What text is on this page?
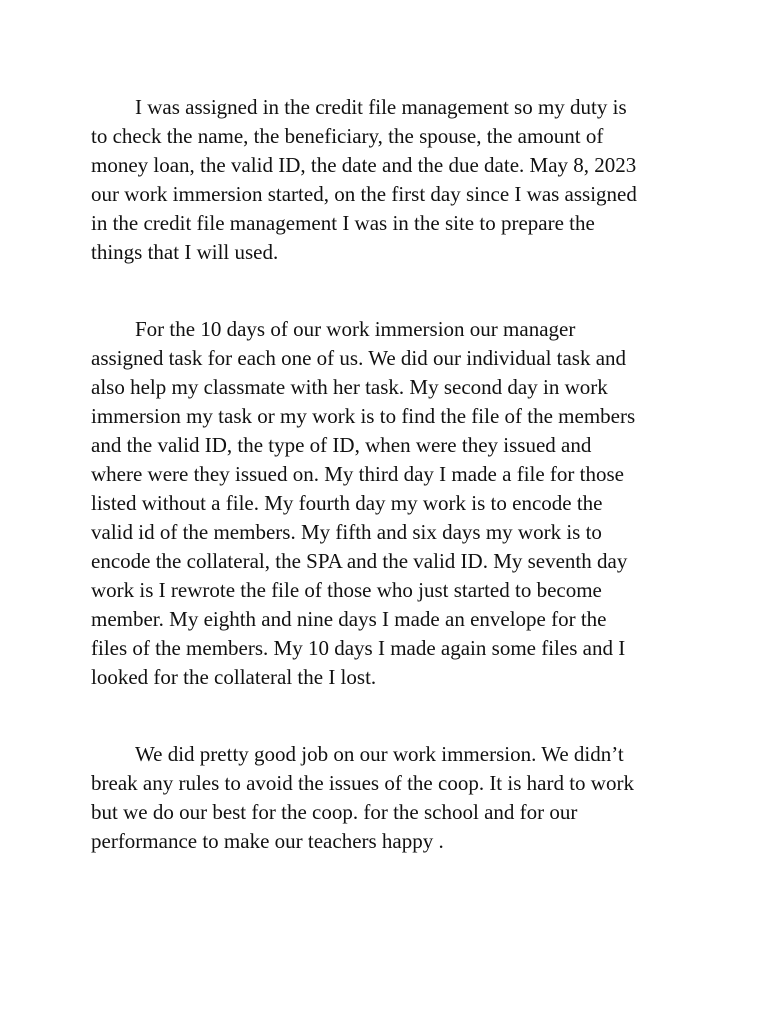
I was assigned in the credit file management so my duty is
to check the name, the beneficiary, the spouse, the amount of
money loan, the valid ID, the date and the due date. May 8, 2023
our work immersion started, on the first day since I was assigned
in the credit file management I was in the site to prepare the
things that I will used.

For the 10 days of our work immersion our manager
assigned task for each one of us. We did our individual task and
also help my classmate with her task. My second day in work
immersion my task or my work is to find the file of the members
and the valid ID, the type of ID, when were they issued and
where were they issued on. My third day I made a file for those
listed without a file. My fourth day my work is to encode the
valid id of the members. My fifth and six days my work is to
encode the collateral, the SPA and the valid ID. My seventh day
work is I rewrote the file of those who just started to become
member. My eighth and nine days I made an envelope for the
files of the members. My 10 days I made again some files and I
looked for the collateral the I lost.

We did pretty good job on our work immersion. We didn’t
break any rules to avoid the issues of the coop. It is hard to work
but we do our best for the coop. for the school and for our
performance to make our teachers happy .
